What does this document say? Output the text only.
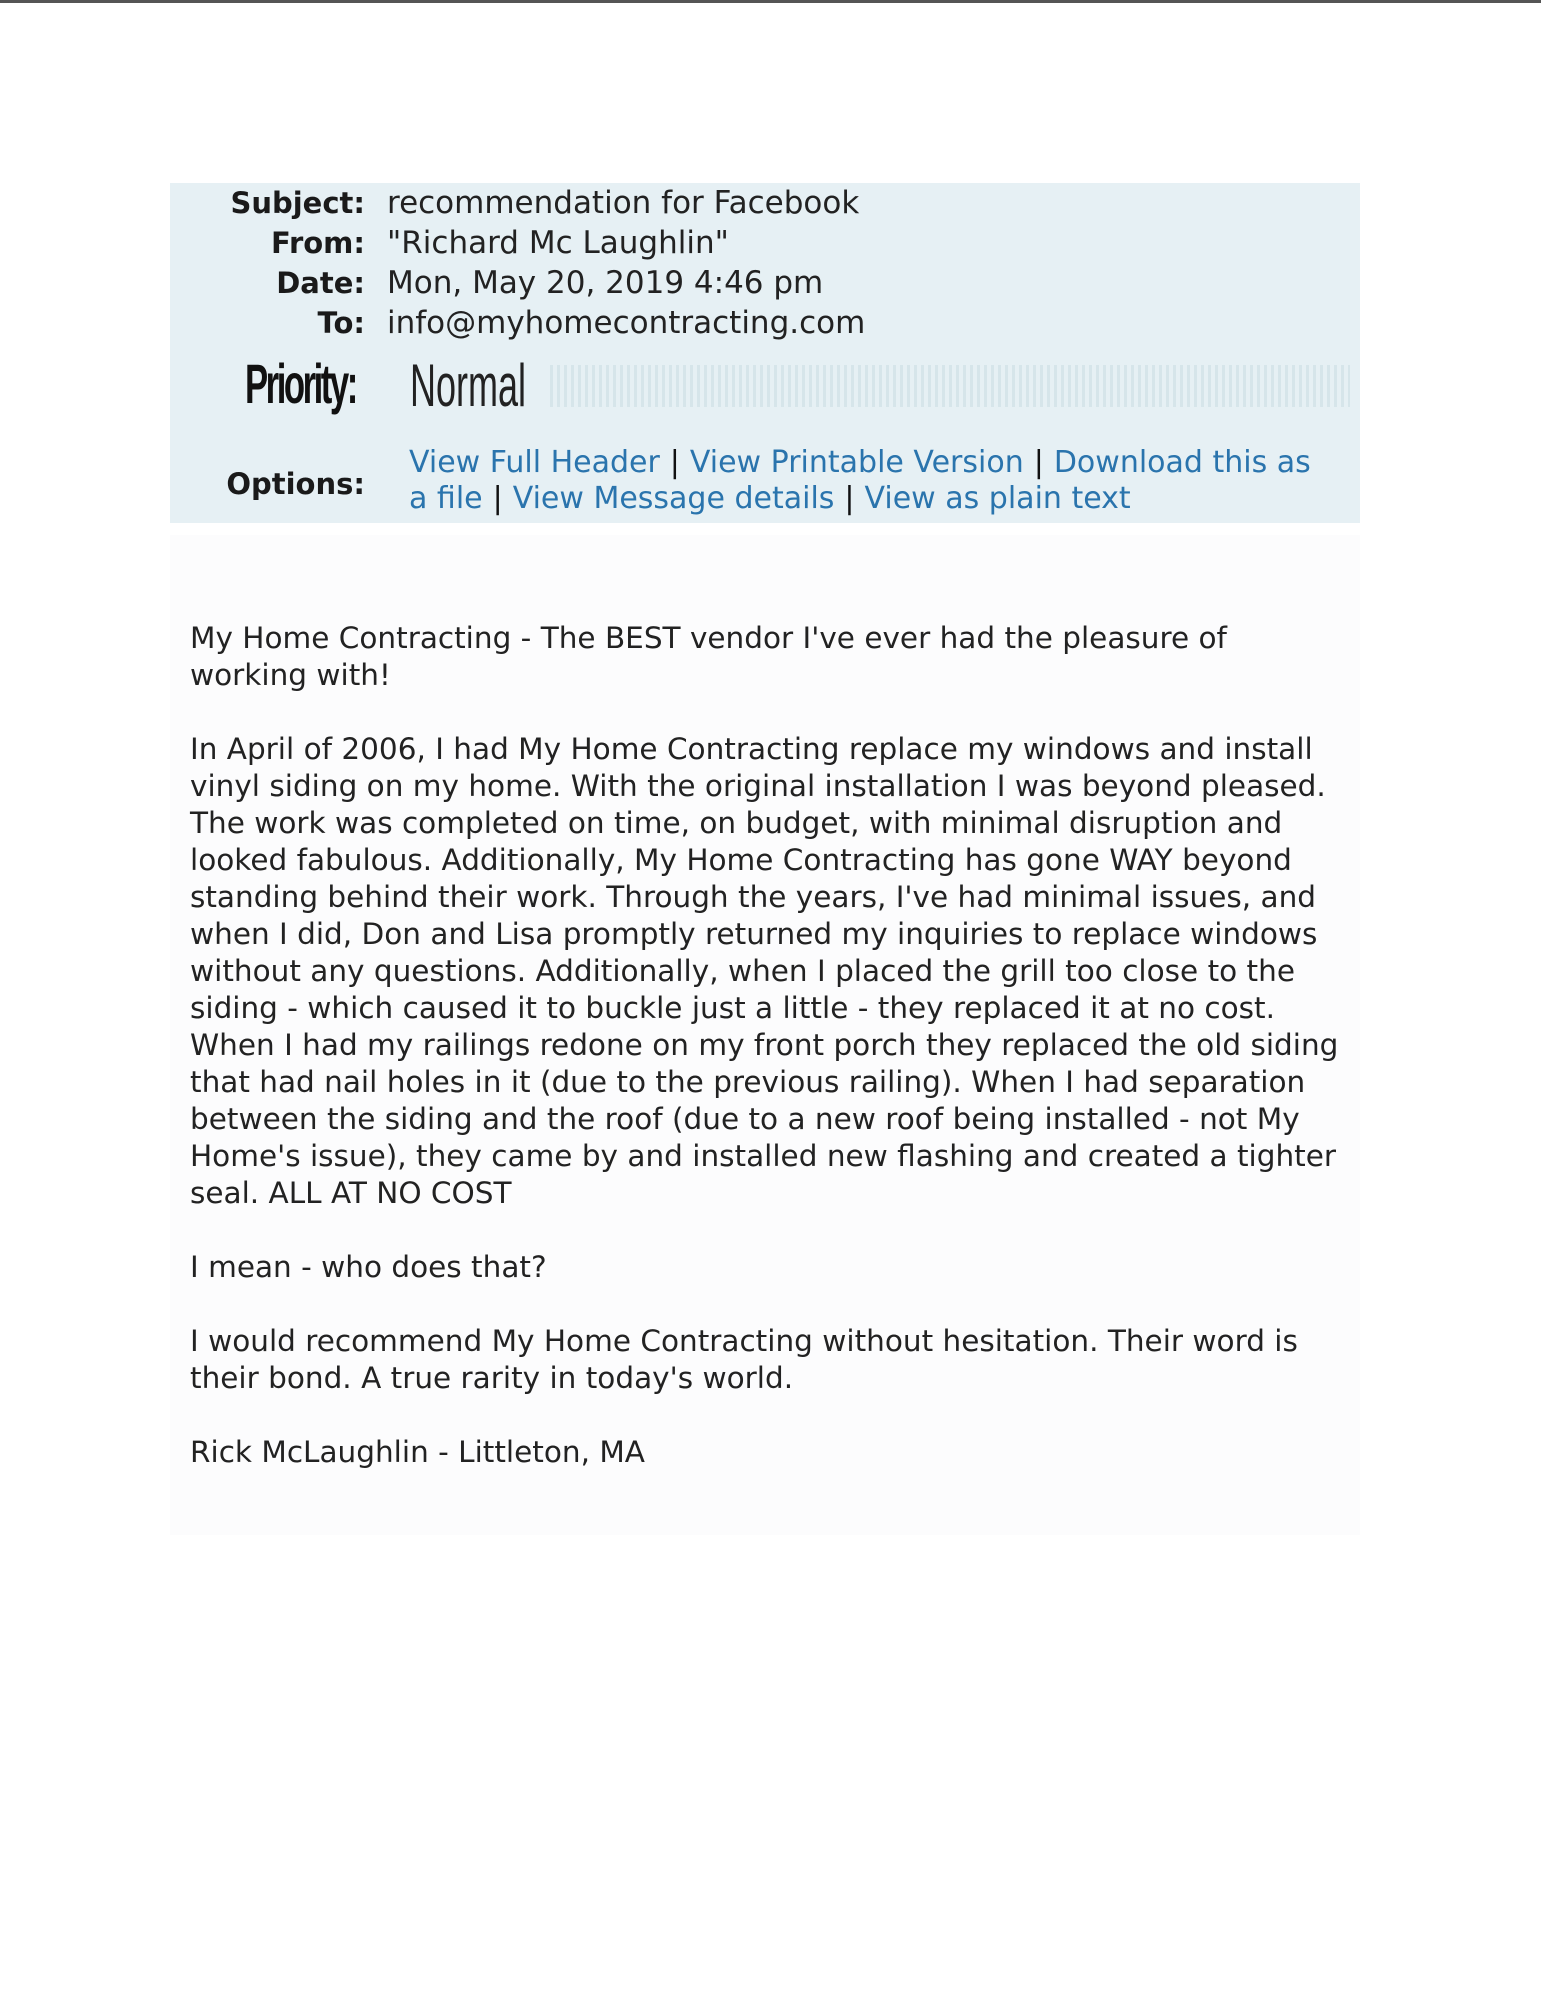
Subject: recommendation for Facebook
From: "Richard Mc Laughlin"
Date: Mon, May 20, 2019 4:46 pm
To: info@myhomecontracting.com
Priority: Normal
Options:
View Full Header | View Printable Version | Download this as a file | View Message details | View as plain text

My Home Contracting - The BEST vendor I've ever had the pleasure of working with!

In April of 2006, I had My Home Contracting replace my windows and install vinyl siding on my home. With the original installation I was beyond pleased. The work was completed on time, on budget, with minimal disruption and looked fabulous. Additionally, My Home Contracting has gone WAY beyond standing behind their work. Through the years, I've had minimal issues, and when I did, Don and Lisa promptly returned my inquiries to replace windows without any questions. Additionally, when I placed the grill too close to the siding - which caused it to buckle just a little - they replaced it at no cost. When I had my railings redone on my front porch they replaced the old siding that had nail holes in it (due to the previous railing). When I had separation between the siding and the roof (due to a new roof being installed - not My Home's issue), they came by and installed new flashing and created a tighter seal. ALL AT NO COST

I mean - who does that?

I would recommend My Home Contracting without hesitation. Their word is their bond. A true rarity in today's world.

Rick McLaughlin - Littleton, MA
